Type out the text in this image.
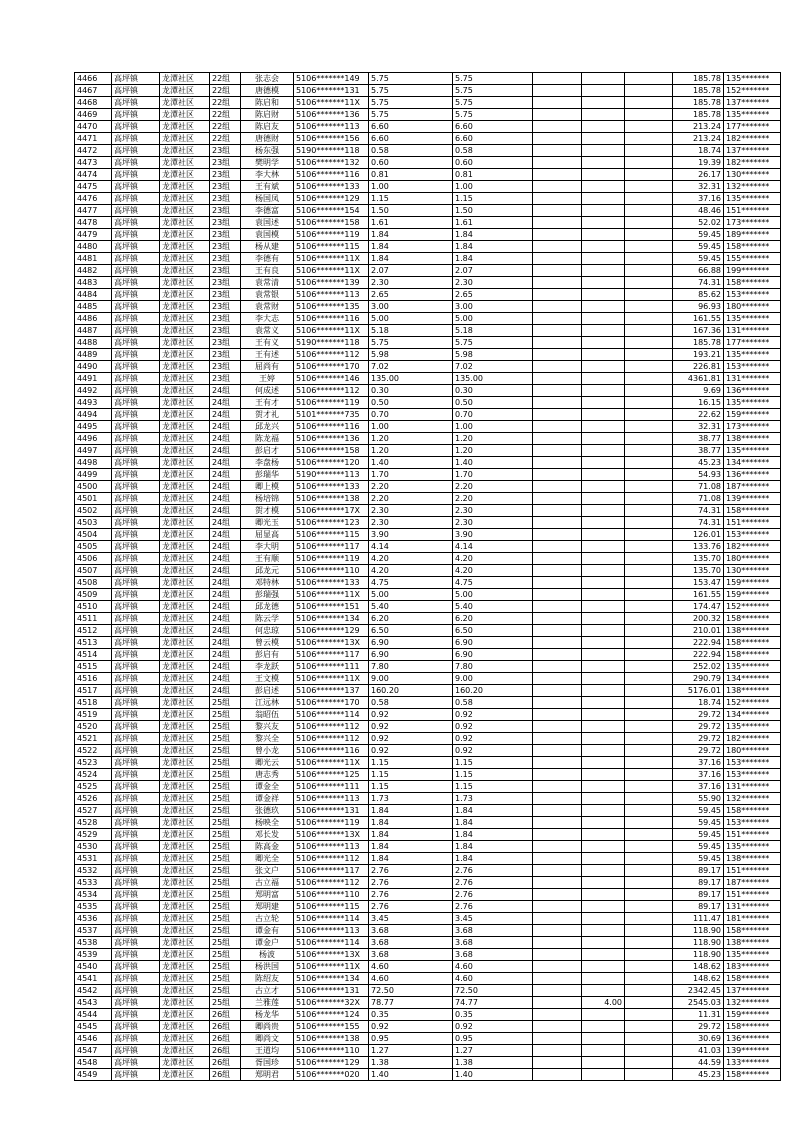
4466	高坪镇	龙潭社区	22组	张志会	5106*******149	5.75	5.75				185.78	135*******
4467	高坪镇	龙潭社区	22组	唐德模	5106*******131	5.75	5.75				185.78	152*******
4468	高坪镇	龙潭社区	22组	陈启和	5106*******11X	5.75	5.75				185.78	137*******
4469	高坪镇	龙潭社区	22组	陈启财	5106*******136	5.75	5.75				185.78	135*******
4470	高坪镇	龙潭社区	22组	陈启友	5106*******113	6.60	6.60				213.24	177*******
4471	高坪镇	龙潭社区	22组	唐德财	5106*******156	6.60	6.60				213.24	182*******
4472	高坪镇	龙潭社区	23组	杨东强	5190*******118	0.58	0.58				18.74	137*******
4473	高坪镇	龙潭社区	23组	樊明学	5106*******132	0.60	0.60				19.39	182*******
4474	高坪镇	龙潭社区	23组	李大林	5106*******116	0.81	0.81				26.17	130*******
4475	高坪镇	龙潭社区	23组	王有斌	5106*******133	1.00	1.00				32.31	132*******
4476	高坪镇	龙潭社区	23组	杨国凤	5106*******129	1.15	1.15				37.16	135*******
4477	高坪镇	龙潭社区	23组	李德富	5106*******154	1.50	1.50				48.46	151*******
4478	高坪镇	龙潭社区	23组	袁国述	5106*******158	1.61	1.61				52.02	173*******
4479	高坪镇	龙潭社区	23组	袁国模	5106*******119	1.84	1.84				59.45	189*******
4480	高坪镇	龙潭社区	23组	杨从建	5106*******115	1.84	1.84				59.45	158*******
4481	高坪镇	龙潭社区	23组	李德有	5106*******11X	1.84	1.84				59.45	155*******
4482	高坪镇	龙潭社区	23组	王有良	5106*******11X	2.07	2.07				66.88	199*******
4483	高坪镇	龙潭社区	23组	袁常清	5106*******139	2.30	2.30				74.31	158*******
4484	高坪镇	龙潭社区	23组	袁常银	5106*******113	2.65	2.65				85.62	153*******
4485	高坪镇	龙潭社区	23组	袁常财	5106*******135	3.00	3.00				96.93	180*******
4486	高坪镇	龙潭社区	23组	李大志	5106*******116	5.00	5.00				161.55	135*******
4487	高坪镇	龙潭社区	23组	袁常义	5106*******11X	5.18	5.18				167.36	131*******
4488	高坪镇	龙潭社区	23组	王有义	5190*******118	5.75	5.75				185.78	177*******
4489	高坪镇	龙潭社区	23组	王有述	5106*******112	5.98	5.98				193.21	135*******
4490	高坪镇	龙潭社区	23组	屈尚有	5106*******170	7.02	7.02				226.81	153*******
4491	高坪镇	龙潭社区	23组	王婷	5106*******146	135.00	135.00				4361.81	131*******
4492	高坪镇	龙潭社区	24组	何成述	5106*******112	0.30	0.30				9.69	136*******
4493	高坪镇	龙潭社区	24组	王有才	5106*******119	0.50	0.50				16.15	135*******
4494	高坪镇	龙潭社区	24组	贺才礼	5101*******735	0.70	0.70				22.62	159*******
4495	高坪镇	龙潭社区	24组	邱龙兴	5106*******116	1.00	1.00				32.31	173*******
4496	高坪镇	龙潭社区	24组	陈龙福	5106*******136	1.20	1.20				38.77	138*******
4497	高坪镇	龙潭社区	24组	彭启才	5106*******158	1.20	1.20				38.77	135*******
4498	高坪镇	龙潭社区	24组	李盘杨	5106*******120	1.40	1.40				45.23	134*******
4499	高坪镇	龙潭社区	24组	彭瑞华	5190*******113	1.70	1.70				54.93	136*******
4500	高坪镇	龙潭社区	24组	卿上模	5106*******133	2.20	2.20				71.08	187*******
4501	高坪镇	龙潭社区	24组	杨培锦	5106*******138	2.20	2.20				71.08	139*******
4502	高坪镇	龙潭社区	24组	贺才模	5106*******17X	2.30	2.30				74.31	158*******
4503	高坪镇	龙潭社区	24组	卿光玉	5106*******123	2.30	2.30				74.31	151*******
4504	高坪镇	龙潭社区	24组	屈显高	5106*******115	3.90	3.90				126.01	153*******
4505	高坪镇	龙潭社区	24组	李大明	5106*******117	4.14	4.14				133.76	182*******
4506	高坪镇	龙潭社区	24组	王有顺	5106*******119	4.20	4.20				135.70	180*******
4507	高坪镇	龙潭社区	24组	邱龙元	5106*******110	4.20	4.20				135.70	130*******
4508	高坪镇	龙潭社区	24组	邓特林	5106*******133	4.75	4.75				153.47	159*******
4509	高坪镇	龙潭社区	24组	彭瑞强	5106*******11X	5.00	5.00				161.55	159*******
4510	高坪镇	龙潭社区	24组	邱龙德	5106*******151	5.40	5.40				174.47	152*******
4511	高坪镇	龙潭社区	24组	陈云学	5106*******134	6.20	6.20				200.32	158*******
4512	高坪镇	龙潭社区	24组	何忠琼	5106*******129	6.50	6.50				210.01	138*******
4513	高坪镇	龙潭社区	24组	曾云模	5106*******13X	6.90	6.90				222.94	158*******
4514	高坪镇	龙潭社区	24组	彭启有	5106*******117	6.90	6.90				222.94	158*******
4515	高坪镇	龙潭社区	24组	李龙跃	5106*******111	7.80	7.80				252.02	135*******
4516	高坪镇	龙潭社区	24组	王文模	5106*******11X	9.00	9.00				290.79	134*******
4517	高坪镇	龙潭社区	24组	彭启述	5106*******137	160.20	160.20				5176.01	138*******
4518	高坪镇	龙潭社区	25组	江远林	5106*******170	0.58	0.58				18.74	152*******
4519	高坪镇	龙潭社区	25组	翁昭伍	5106*******114	0.92	0.92				29.72	134*******
4520	高坪镇	龙潭社区	25组	黎兴友	5106*******112	0.92	0.92				29.72	135*******
4521	高坪镇	龙潭社区	25组	黎兴全	5106*******112	0.92	0.92				29.72	182*******
4522	高坪镇	龙潭社区	25组	曾小龙	5106*******116	0.92	0.92				29.72	180*******
4523	高坪镇	龙潭社区	25组	卿光云	5106*******11X	1.15	1.15				37.16	153*******
4524	高坪镇	龙潭社区	25组	唐志秀	5106*******125	1.15	1.15				37.16	153*******
4525	高坪镇	龙潭社区	25组	谭金全	5106*******111	1.15	1.15				37.16	131*******
4526	高坪镇	龙潭社区	25组	谭金祥	5106*******113	1.73	1.73				55.90	132*******
4527	高坪镇	龙潭社区	25组	张德玖	5106*******131	1.84	1.84				59.45	158*******
4528	高坪镇	龙潭社区	25组	杨映全	5106*******119	1.84	1.84				59.45	153*******
4529	高坪镇	龙潭社区	25组	邓长发	5106*******13X	1.84	1.84				59.45	151*******
4530	高坪镇	龙潭社区	25组	陈高金	5106*******113	1.84	1.84				59.45	135*******
4531	高坪镇	龙潭社区	25组	卿光全	5106*******112	1.84	1.84				59.45	138*******
4532	高坪镇	龙潭社区	25组	张文户	5106*******117	2.76	2.76				89.17	151*******
4533	高坪镇	龙潭社区	25组	古立福	5106*******112	2.76	2.76				89.17	187*******
4534	高坪镇	龙潭社区	25组	郑明富	5106*******110	2.76	2.76				89.17	151*******
4535	高坪镇	龙潭社区	25组	郑明建	5106*******115	2.76	2.76				89.17	131*******
4536	高坪镇	龙潭社区	25组	古立轮	5106*******114	3.45	3.45				111.47	181*******
4537	高坪镇	龙潭社区	25组	谭金有	5106*******113	3.68	3.68				118.90	158*******
4538	高坪镇	龙潭社区	25组	谭金户	5106*******114	3.68	3.68				118.90	138*******
4539	高坪镇	龙潭社区	25组	杨波	5106*******13X	3.68	3.68				118.90	135*******
4540	高坪镇	龙潭社区	25组	杨洪国	5106*******11X	4.60	4.60				148.62	183*******
4541	高坪镇	龙潭社区	25组	陈绍友	5106*******134	4.60	4.60				148.62	158*******
4542	高坪镇	龙潭社区	25组	古立才	5106*******131	72.50	72.50				2342.45	137*******
4543	高坪镇	龙潭社区	25组	兰雅莲	5106*******32X	78.77	74.77		4.00		2545.03	132*******
4544	高坪镇	龙潭社区	26组	杨龙华	5106*******124	0.35	0.35				11.31	159*******
4545	高坪镇	龙潭社区	26组	卿尚贵	5106*******155	0.92	0.92				29.72	158*******
4546	高坪镇	龙潭社区	26组	卿尚文	5106*******138	0.95	0.95				30.69	136*******
4547	高坪镇	龙潭社区	26组	王道均	5106*******110	1.27	1.27				41.03	139*******
4548	高坪镇	龙潭社区	26组	胥国珍	5106*******129	1.38	1.38				44.59	133*******
4549	高坪镇	龙潭社区	26组	郑明君	5106*******020	1.40	1.40				45.23	158*******
